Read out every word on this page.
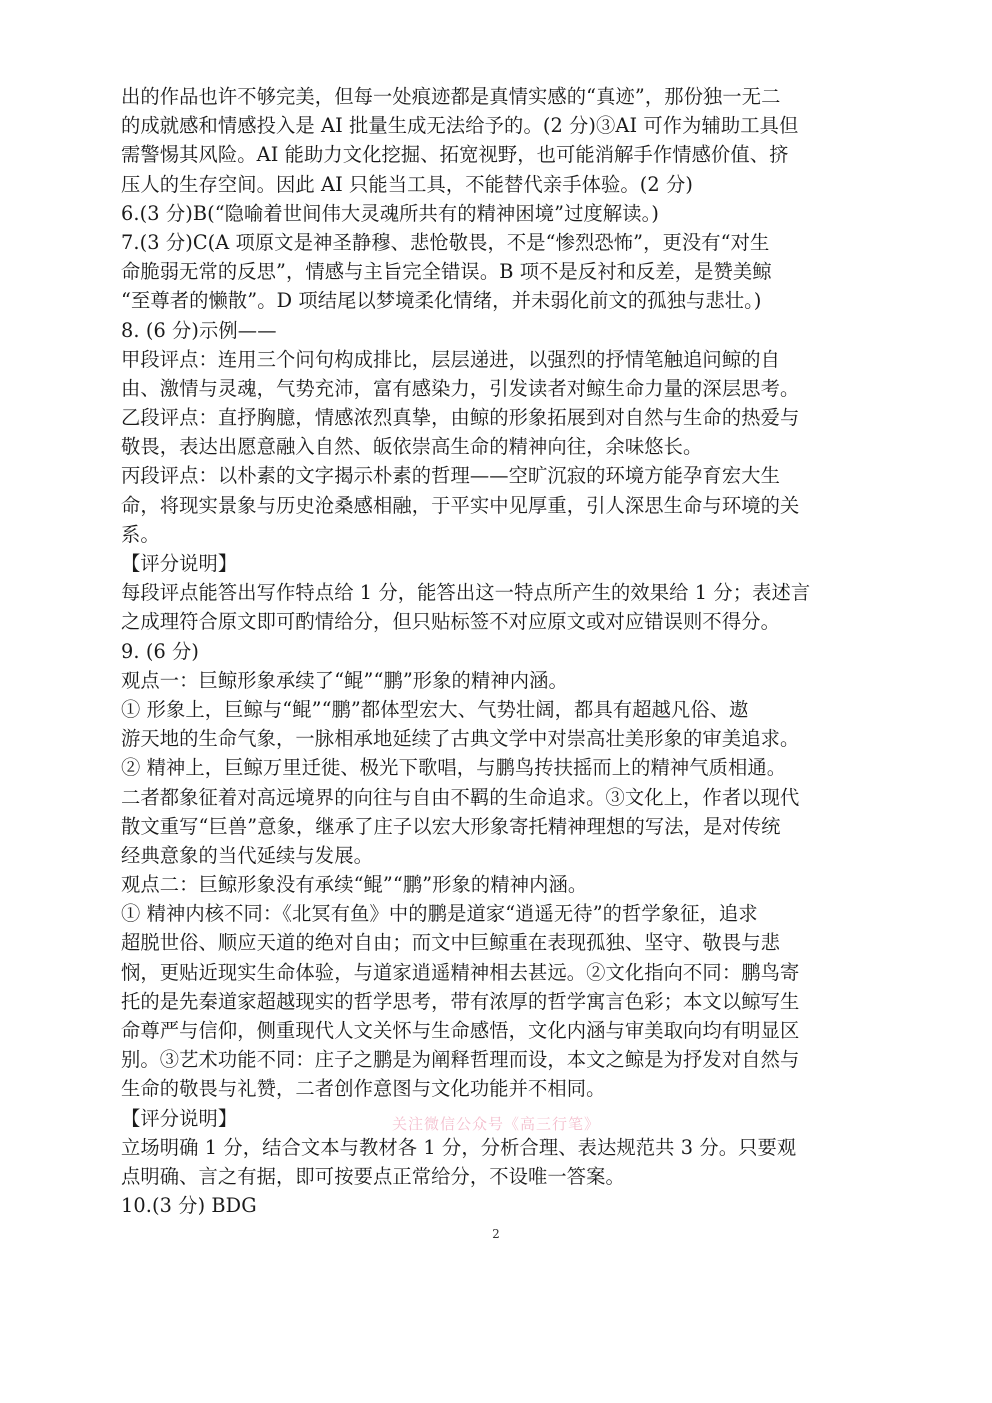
出的作品也许不够完美，但每一处痕迹都是真情实感的“真迹”，那份独一无二
的成就感和情感投入是 AI 批量生成无法给予的。(2 分)③AI 可作为辅助工具但
需警惕其风险。AI 能助力文化挖掘、拓宽视野，也可能消解手作情感价值、挤
压人的生存空间。因此 AI 只能当工具，不能替代亲手体验。(2 分)
6.(3 分)B(“隐喻着世间伟大灵魂所共有的精神困境”过度解读。)
7.(3 分)C(A 项原文是神圣静穆、悲怆敬畏，不是“惨烈恐怖”，更没有“对生
命脆弱无常的反思”，情感与主旨完全错误。B 项不是反衬和反差，是赞美鲸
“至尊者的懒散”。D 项结尾以梦境柔化情绪，并未弱化前文的孤独与悲壮。)
8. (6 分)示例——
甲段评点：连用三个问句构成排比，层层递进，以强烈的抒情笔触追问鲸的自
由、激情与灵魂，气势充沛，富有感染力，引发读者对鲸生命力量的深层思考。
乙段评点：直抒胸臆，情感浓烈真挚，由鲸的形象拓展到对自然与生命的热爱与
敬畏，表达出愿意融入自然、皈依崇高生命的精神向往，余味悠长。
丙段评点：以朴素的文字揭示朴素的哲理——空旷沉寂的环境方能孕育宏大生
命，将现实景象与历史沧桑感相融，于平实中见厚重，引人深思生命与环境的关
系。
【评分说明】
每段评点能答出写作特点给 1 分，能答出这一特点所产生的效果给 1 分；表述言
之成理符合原文即可酌情给分，但只贴标签不对应原文或对应错误则不得分。
9. (6 分)
观点一：巨鲸形象承续了“鲲”“鹏”形象的精神内涵。
① 形象上，巨鲸与“鲲”“鹏”都体型宏大、气势壮阔，都具有超越凡俗、遨
游天地的生命气象，一脉相承地延续了古典文学中对崇高壮美形象的审美追求。
② 精神上，巨鲸万里迁徙、极光下歌唱，与鹏鸟抟扶摇而上的精神气质相通。
二者都象征着对高远境界的向往与自由不羁的生命追求。③文化上，作者以现代
散文重写“巨兽”意象，继承了庄子以宏大形象寄托精神理想的写法，是对传统
经典意象的当代延续与发展。
观点二：巨鲸形象没有承续“鲲”“鹏”形象的精神内涵。
① 精神内核不同：《北冥有鱼》中的鹏是道家“逍遥无待”的哲学象征，追求
超脱世俗、顺应天道的绝对自由；而文中巨鲸重在表现孤独、坚守、敬畏与悲
悯，更贴近现实生命体验，与道家逍遥精神相去甚远。②文化指向不同：鹏鸟寄
托的是先秦道家超越现实的哲学思考，带有浓厚的哲学寓言色彩；本文以鲸写生
命尊严与信仰，侧重现代人文关怀与生命感悟，文化内涵与审美取向均有明显区
别。③艺术功能不同：庄子之鹏是为阐释哲理而设，本文之鲸是为抒发对自然与
生命的敬畏与礼赞，二者创作意图与文化功能并不相同。
【评分说明】
立场明确 1 分，结合文本与教材各 1 分，分析合理、表达规范共 3 分。只要观
点明确、言之有据，即可按要点正常给分，不设唯一答案。
10.(3 分) BDG
关注微信公众号《高三行笔》
2
